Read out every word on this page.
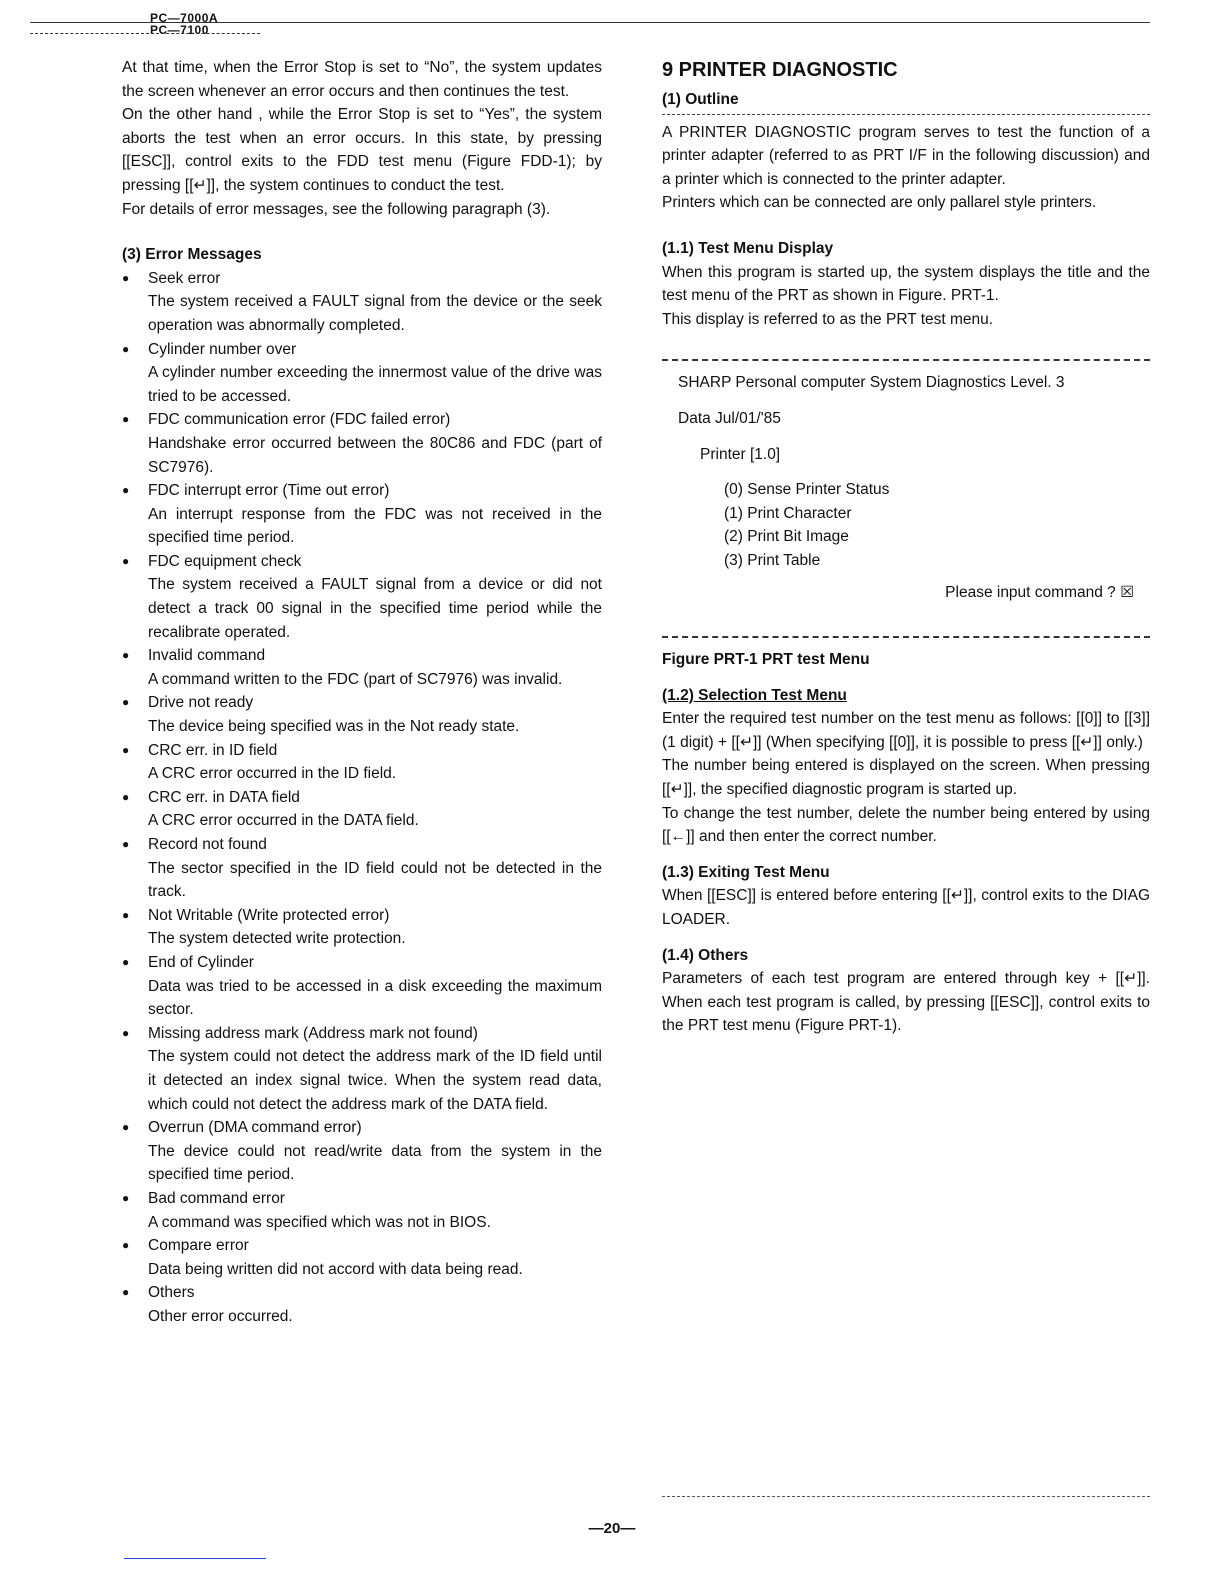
PC—7000A
PC—7100

At that time, when the Error Stop is set to “No”, the system updates the screen whenever an error occurs and then continues the test.

On the other hand , while the Error Stop is set to “Yes”, the system aborts the test when an error occurs. In this state, by pressing [[ESC]], control exits to the FDD test menu (Figure FDD-1); by pressing [[↵]], the system continues to conduct the test.

For details of error messages, see the following paragraph (3).

(3) Error Messages

● Seek error

The system received a FAULT signal from the device or the seek operation was abnormally completed.

● Cylinder number over

A cylinder number exceeding the innermost value of the drive was tried to be accessed.

● FDC communication error (FDC failed error)

Handshake error occurred between the 80C86 and FDC (part of SC7976).

● FDC interrupt error (Time out error)

An interrupt response from the FDC was not received in the specified time period.

● FDC equipment check

The system received a FAULT signal from a device or did not detect a track 00 signal in the specified time period while the recalibrate operated.

● Invalid command

A command written to the FDC (part of SC7976) was invalid.

● Drive not ready

The device being specified was in the Not ready state.

● CRC err. in ID field

A CRC error occurred in the ID field.

● CRC err. in DATA field

A CRC error occurred in the DATA field.

● Record not found

The sector specified in the ID field could not be detected in the track.

● Not Writable (Write protected error)

The system detected write protection.

● End of Cylinder

Data was tried to be accessed in a disk exceeding the maximum sector.

● Missing address mark (Address mark not found)

The system could not detect the address mark of the ID field until it detected an index signal twice. When the system read data, which could not detect the address mark of the DATA field.

● Overrun (DMA command error)

The device could not read/write data from the system in the specified time period.

● Bad command error

A command was specified which was not in BIOS.

● Compare error

Data being written did not accord with data being read.

● Others

Other error occurred.

9 PRINTER DIAGNOSTIC

(1) Outline

A PRINTER DIAGNOSTIC program serves to test the function of a printer adapter (referred to as PRT I/F in the following discussion) and a printer which is connected to the printer adapter.

Printers which can be connected are only pallarel style printers.

(1.1) Test Menu Display

When this program is started up, the system displays the title and the test menu of the PRT as shown in Figure. PRT-1.

This display is referred to as the PRT test menu.

SHARP Personal computer System Diagnostics Level. 3

Data Jul/01/'85

Printer [1.0]

(0) Sense Printer Status

(1) Print Character

(2) Print Bit Image

(3) Print Table

Please input command ? ☒

Figure PRT-1 PRT test Menu

(1.2) Selection Test Menu

Enter the required test number on the test menu as follows: [[0]] to [[3]] (1 digit) + [[↵]] (When specifying [[0]], it is possible to press [[↵]] only.)

The number being entered is displayed on the screen. When pressing [[↵]], the specified diagnostic program is started up.

To change the test number, delete the number being entered by using [[←]] and then enter the correct number.

(1.3) Exiting Test Menu

When [[ESC]] is entered before entering [[↵]], control exits to the DIAG LOADER.

(1.4) Others

Parameters of each test program are entered through key + [[↵]]. When each test program is called, by pressing [[ESC]], control exits to the PRT test menu (Figure PRT-1).

—20—
